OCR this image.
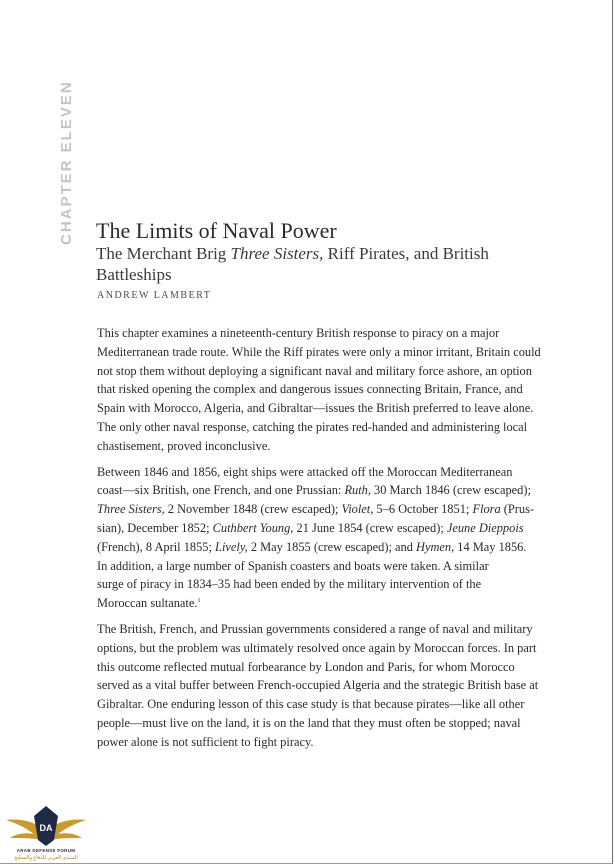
CHAPTER ELEVEN The Limits of Naval Power
The Merchant Brig Three Sisters, Riff Pirates, and British Battleships
ANDREW LAMBERT

This chapter examines a nineteenth-century British response to piracy on a major Mediterranean trade route. While the Riff pirates were only a minor irritant, Britain could not stop them without deploying a significant naval and military force ashore, an option that risked opening the complex and dangerous issues connecting Britain, France, and Spain with Morocco, Algeria, and Gibraltar—issues the British preferred to leave alone. The only other naval response, catching the pirates red-handed and administering local chastisement, proved inconclusive.

Between 1846 and 1856, eight ships were attacked off the Moroccan Mediterranean
coast—six British, one French, and one Prussian: Ruth, 30 March 1846 (crew escaped);
Three Sisters, 2 November 1848 (crew escaped); Violet, 5–6 October 1851; Flora (Prus-
sian), December 1852; Cuthbert Young, 21 June 1854 (crew escaped); Jeune Dieppois
(French), 8 April 1855; Lively, 2 May 1855 (crew escaped); and Hymen, 14 May 1856.
In addition, a large number of Spanish coasters and boats were taken. A similar
surge of piracy in 1834–35 had been ended by the military intervention of the
Moroccan sultanate.$^1$

The British, French, and Prussian governments considered a range of naval and military options, but the problem was ultimately resolved once again by Moroccan forces. In part this outcome reflected mutual forbearance by London and Paris, for whom Morocco served as a vital buffer between French-occupied Algeria and the strategic British base at Gibraltar. One enduring lesson of this case study is that because pirates—like all other people—must live on the land, it is on the land that they must often be stopped; naval power alone is not sufficient to fight piracy.

DA
ARAB DEFENSE FORUM
المنتدى العربي للدفاع والتسليح
